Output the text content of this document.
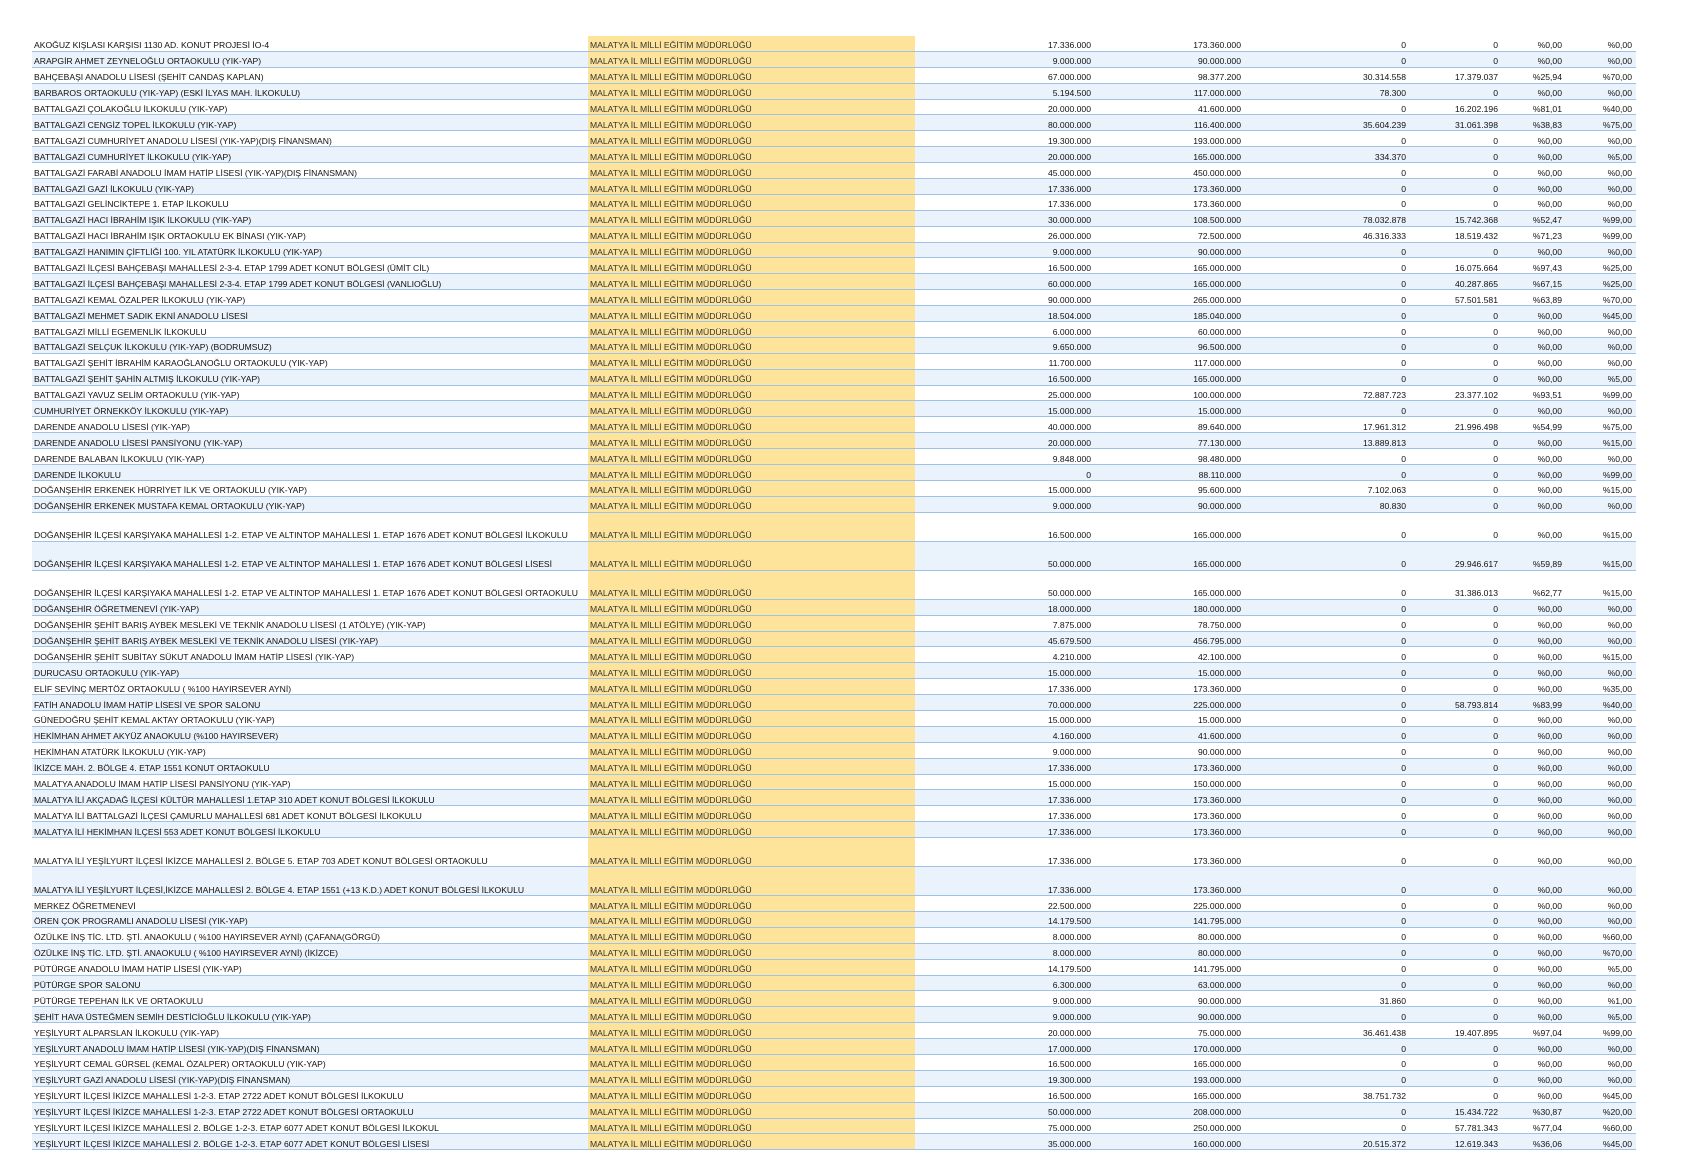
AKOĞUZ KIŞLASI KARŞISI 1130 AD. KONUT PROJESİ İO-4	MALATYA İL MİLLİ EĞİTİM MÜDÜRLÜĞÜ	17.336.000	173.360.000	0	0	%0,00	%0,00
ARAPGİR AHMET ZEYNELOĞLU ORTAOKULU (YIK-YAP)	MALATYA İL MİLLİ EĞİTİM MÜDÜRLÜĞÜ	9.000.000	90.000.000	0	0	%0,00	%0,00
BAHÇEBAŞI ANADOLU LİSESİ (ŞEHİT CANDAŞ KAPLAN)	MALATYA İL MİLLİ EĞİTİM MÜDÜRLÜĞÜ	67.000.000	98.377.200	30.314.558	17.379.037	%25,94	%70,00
BARBAROS ORTAOKULU (YIK-YAP) (ESKİ İLYAS MAH. İLKOKULU)	MALATYA İL MİLLİ EĞİTİM MÜDÜRLÜĞÜ	5.194.500	117.000.000	78.300	0	%0,00	%0,00
BATTALGAZİ ÇOLAKOĞLU İLKOKULU (YIK-YAP)	MALATYA İL MİLLİ EĞİTİM MÜDÜRLÜĞÜ	20.000.000	41.600.000	0	16.202.196	%81,01	%40,00
BATTALGAZİ CENGİZ TOPEL İLKOKULU (YIK-YAP)	MALATYA İL MİLLİ EĞİTİM MÜDÜRLÜĞÜ	80.000.000	116.400.000	35.604.239	31.061.398	%38,83	%75,00
BATTALGAZİ CUMHURİYET ANADOLU LİSESİ (YIK-YAP)(DIŞ FİNANSMAN)	MALATYA İL MİLLİ EĞİTİM MÜDÜRLÜĞÜ	19.300.000	193.000.000	0	0	%0,00	%0,00
BATTALGAZİ CUMHURİYET İLKOKULU (YIK-YAP)	MALATYA İL MİLLİ EĞİTİM MÜDÜRLÜĞÜ	20.000.000	165.000.000	334.370	0	%0,00	%5,00
BATTALGAZİ FARABİ ANADOLU İMAM HATİP LİSESİ (YIK-YAP)(DIŞ FİNANSMAN)	MALATYA İL MİLLİ EĞİTİM MÜDÜRLÜĞÜ	45.000.000	450.000.000	0	0	%0,00	%0,00
BATTALGAZİ GAZİ İLKOKULU (YIK-YAP)	MALATYA İL MİLLİ EĞİTİM MÜDÜRLÜĞÜ	17.336.000	173.360.000	0	0	%0,00	%0,00
BATTALGAZİ GELİNCİKTEPE 1. ETAP İLKOKULU	MALATYA İL MİLLİ EĞİTİM MÜDÜRLÜĞÜ	17.336.000	173.360.000	0	0	%0,00	%0,00
BATTALGAZİ HACI İBRAHİM IŞIK İLKOKULU (YIK-YAP)	MALATYA İL MİLLİ EĞİTİM MÜDÜRLÜĞÜ	30.000.000	108.500.000	78.032.878	15.742.368	%52,47	%99,00
BATTALGAZİ HACI İBRAHİM IŞIK ORTAOKULU EK BİNASI (YIK-YAP)	MALATYA İL MİLLİ EĞİTİM MÜDÜRLÜĞÜ	26.000.000	72.500.000	46.316.333	18.519.432	%71,23	%99,00
BATTALGAZİ HANIMIN ÇİFTLİĞİ 100. YIL ATATÜRK İLKOKULU (YIK-YAP)	MALATYA İL MİLLİ EĞİTİM MÜDÜRLÜĞÜ	9.000.000	90.000.000	0	0	%0,00	%0,00
BATTALGAZİ İLÇESİ BAHÇEBAŞI MAHALLESİ 2-3-4. ETAP 1799 ADET KONUT BÖLGESİ (ÜMİT CİL)	MALATYA İL MİLLİ EĞİTİM MÜDÜRLÜĞÜ	16.500.000	165.000.000	0	16.075.664	%97,43	%25,00
BATTALGAZİ İLÇESİ BAHÇEBAŞI MAHALLESİ 2-3-4. ETAP 1799 ADET KONUT BÖLGESİ (VANLIOĞLU)	MALATYA İL MİLLİ EĞİTİM MÜDÜRLÜĞÜ	60.000.000	165.000.000	0	40.287.865	%67,15	%25,00
BATTALGAZİ KEMAL ÖZALPER İLKOKULU (YIK-YAP)	MALATYA İL MİLLİ EĞİTİM MÜDÜRLÜĞÜ	90.000.000	265.000.000	0	57.501.581	%63,89	%70,00
BATTALGAZİ MEHMET SADIK EKNİ ANADOLU LİSESİ	MALATYA İL MİLLİ EĞİTİM MÜDÜRLÜĞÜ	18.504.000	185.040.000	0	0	%0,00	%45,00
BATTALGAZİ MİLLİ EGEMENLİK İLKOKULU	MALATYA İL MİLLİ EĞİTİM MÜDÜRLÜĞÜ	6.000.000	60.000.000	0	0	%0,00	%0,00
BATTALGAZİ SELÇUK İLKOKULU (YIK-YAP) (BODRUMSUZ)	MALATYA İL MİLLİ EĞİTİM MÜDÜRLÜĞÜ	9.650.000	96.500.000	0	0	%0,00	%0,00
BATTALGAZİ ŞEHİT İBRAHİM KARAOĞLANOĞLU ORTAOKULU (YIK-YAP)	MALATYA İL MİLLİ EĞİTİM MÜDÜRLÜĞÜ	11.700.000	117.000.000	0	0	%0,00	%0,00
BATTALGAZİ ŞEHİT ŞAHİN ALTMIŞ İLKOKULU (YIK-YAP)	MALATYA İL MİLLİ EĞİTİM MÜDÜRLÜĞÜ	16.500.000	165.000.000	0	0	%0,00	%5,00
BATTALGAZİ YAVUZ SELİM ORTAOKULU (YIK-YAP)	MALATYA İL MİLLİ EĞİTİM MÜDÜRLÜĞÜ	25.000.000	100.000.000	72.887.723	23.377.102	%93,51	%99,00
CUMHURİYET ÖRNEKKÖY İLKOKULU (YIK-YAP)	MALATYA İL MİLLİ EĞİTİM MÜDÜRLÜĞÜ	15.000.000	15.000.000	0	0	%0,00	%0,00
DARENDE ANADOLU LİSESİ (YIK-YAP)	MALATYA İL MİLLİ EĞİTİM MÜDÜRLÜĞÜ	40.000.000	89.640.000	17.961.312	21.996.498	%54,99	%75,00
DARENDE ANADOLU LİSESİ PANSİYONU (YIK-YAP)	MALATYA İL MİLLİ EĞİTİM MÜDÜRLÜĞÜ	20.000.000	77.130.000	13.889.813	0	%0,00	%15,00
DARENDE BALABAN İLKOKULU (YIK-YAP)	MALATYA İL MİLLİ EĞİTİM MÜDÜRLÜĞÜ	9.848.000	98.480.000	0	0	%0,00	%0,00
DARENDE İLKOKULU	MALATYA İL MİLLİ EĞİTİM MÜDÜRLÜĞÜ	0	88.110.000	0	0	%0,00	%99,00
DOĞANŞEHİR ERKENEK HÜRRİYET İLK VE ORTAOKULU (YIK-YAP)	MALATYA İL MİLLİ EĞİTİM MÜDÜRLÜĞÜ	15.000.000	95.600.000	7.102.063	0	%0,00	%15,00
DOĞANŞEHİR ERKENEK MUSTAFA KEMAL ORTAOKULU (YIK-YAP)	MALATYA İL MİLLİ EĞİTİM MÜDÜRLÜĞÜ	9.000.000	90.000.000	80.830	0	%0,00	%0,00
DOĞANŞEHİR İLÇESİ KARŞIYAKA MAHALLESİ 1-2. ETAP VE ALTINTOP MAHALLESİ 1. ETAP 1676 ADET KONUT BÖLGESİ İLKOKULU	MALATYA İL MİLLİ EĞİTİM MÜDÜRLÜĞÜ	16.500.000	165.000.000	0	0	%0,00	%15,00
DOĞANŞEHİR İLÇESİ KARŞIYAKA MAHALLESİ 1-2. ETAP VE ALTINTOP MAHALLESİ 1. ETAP 1676 ADET KONUT BÖLGESİ LİSESİ	MALATYA İL MİLLİ EĞİTİM MÜDÜRLÜĞÜ	50.000.000	165.000.000	0	29.946.617	%59,89	%15,00
DOĞANŞEHİR İLÇESİ KARŞIYAKA MAHALLESİ 1-2. ETAP VE ALTINTOP MAHALLESİ 1. ETAP 1676 ADET KONUT BÖLGESİ ORTAOKULU	MALATYA İL MİLLİ EĞİTİM MÜDÜRLÜĞÜ	50.000.000	165.000.000	0	31.386.013	%62,77	%15,00
DOĞANŞEHİR ÖĞRETMENEVİ (YIK-YAP)	MALATYA İL MİLLİ EĞİTİM MÜDÜRLÜĞÜ	18.000.000	180.000.000	0	0	%0,00	%0,00
DOĞANŞEHİR ŞEHİT BARIŞ AYBEK MESLEKİ VE TEKNİK ANADOLU LİSESİ (1 ATÖLYE) (YIK-YAP)	MALATYA İL MİLLİ EĞİTİM MÜDÜRLÜĞÜ	7.875.000	78.750.000	0	0	%0,00	%0,00
DOĞANŞEHİR ŞEHİT BARIŞ AYBEK MESLEKİ VE TEKNİK ANADOLU LİSESİ (YIK-YAP)	MALATYA İL MİLLİ EĞİTİM MÜDÜRLÜĞÜ	45.679.500	456.795.000	0	0	%0,00	%0,00
DOĞANŞEHİR ŞEHİT SUBİTAY SÜKUT ANADOLU İMAM HATİP LİSESİ (YIK-YAP)	MALATYA İL MİLLİ EĞİTİM MÜDÜRLÜĞÜ	4.210.000	42.100.000	0	0	%0,00	%15,00
DURUCASU ORTAOKULU (YIK-YAP)	MALATYA İL MİLLİ EĞİTİM MÜDÜRLÜĞÜ	15.000.000	15.000.000	0	0	%0,00	%0,00
ELİF SEVİNÇ MERTÖZ ORTAOKULU ( %100 HAYIRSEVER AYNİ)	MALATYA İL MİLLİ EĞİTİM MÜDÜRLÜĞÜ	17.336.000	173.360.000	0	0	%0,00	%35,00
FATİH ANADOLU İMAM HATİP LİSESİ VE SPOR SALONU	MALATYA İL MİLLİ EĞİTİM MÜDÜRLÜĞÜ	70.000.000	225.000.000	0	58.793.814	%83,99	%40,00
GÜNEDOĞRU ŞEHİT KEMAL AKTAY ORTAOKULU (YIK-YAP)	MALATYA İL MİLLİ EĞİTİM MÜDÜRLÜĞÜ	15.000.000	15.000.000	0	0	%0,00	%0,00
HEKİMHAN AHMET AKYÜZ ANAOKULU (%100 HAYIRSEVER)	MALATYA İL MİLLİ EĞİTİM MÜDÜRLÜĞÜ	4.160.000	41.600.000	0	0	%0,00	%0,00
HEKİMHAN ATATÜRK İLKOKULU (YIK-YAP)	MALATYA İL MİLLİ EĞİTİM MÜDÜRLÜĞÜ	9.000.000	90.000.000	0	0	%0,00	%0,00
İKİZCE MAH. 2. BÖLGE 4. ETAP 1551 KONUT ORTAOKULU	MALATYA İL MİLLİ EĞİTİM MÜDÜRLÜĞÜ	17.336.000	173.360.000	0	0	%0,00	%0,00
MALATYA ANADOLU İMAM HATİP LİSESİ PANSİYONU (YIK-YAP)	MALATYA İL MİLLİ EĞİTİM MÜDÜRLÜĞÜ	15.000.000	150.000.000	0	0	%0,00	%0,00
MALATYA İLİ AKÇADAĞ İLÇESİ KÜLTÜR MAHALLESİ 1.ETAP 310 ADET KONUT BÖLGESİ İLKOKULU	MALATYA İL MİLLİ EĞİTİM MÜDÜRLÜĞÜ	17.336.000	173.360.000	0	0	%0,00	%0,00
MALATYA İLİ BATTALGAZİ İLÇESİ ÇAMURLU MAHALLESİ 681 ADET KONUT BÖLGESİ İLKOKULU	MALATYA İL MİLLİ EĞİTİM MÜDÜRLÜĞÜ	17.336.000	173.360.000	0	0	%0,00	%0,00
MALATYA İLİ HEKİMHAN İLÇESİ 553 ADET KONUT BÖLGESİ İLKOKULU	MALATYA İL MİLLİ EĞİTİM MÜDÜRLÜĞÜ	17.336.000	173.360.000	0	0	%0,00	%0,00
MALATYA İLİ YEŞİLYURT İLÇESİ İKİZCE MAHALLESİ 2. BÖLGE 5. ETAP 703 ADET KONUT BÖLGESİ ORTAOKULU	MALATYA İL MİLLİ EĞİTİM MÜDÜRLÜĞÜ	17.336.000	173.360.000	0	0	%0,00	%0,00
MALATYA İLİ YEŞİLYURT İLÇESİ,İKİZCE MAHALLESİ 2. BÖLGE 4. ETAP 1551 (+13 K.D.) ADET KONUT BÖLGESİ İLKOKULU	MALATYA İL MİLLİ EĞİTİM MÜDÜRLÜĞÜ	17.336.000	173.360.000	0	0	%0,00	%0,00
MERKEZ ÖĞRETMENEVİ	MALATYA İL MİLLİ EĞİTİM MÜDÜRLÜĞÜ	22.500.000	225.000.000	0	0	%0,00	%0,00
ÖREN ÇOK PROGRAMLI ANADOLU LİSESİ (YIK-YAP)	MALATYA İL MİLLİ EĞİTİM MÜDÜRLÜĞÜ	14.179.500	141.795.000	0	0	%0,00	%0,00
ÖZÜLKE İNŞ TİC. LTD. ŞTİ. ANAOKULU ( %100 HAYIRSEVER AYNİ) (ÇAFANA(GÖRGÜ)	MALATYA İL MİLLİ EĞİTİM MÜDÜRLÜĞÜ	8.000.000	80.000.000	0	0	%0,00	%60,00
ÖZÜLKE İNŞ TİC. LTD. ŞTİ. ANAOKULU ( %100 HAYIRSEVER AYNİ) (İKİZCE)	MALATYA İL MİLLİ EĞİTİM MÜDÜRLÜĞÜ	8.000.000	80.000.000	0	0	%0,00	%70,00
PÜTÜRGE ANADOLU İMAM HATİP LİSESİ (YIK-YAP)	MALATYA İL MİLLİ EĞİTİM MÜDÜRLÜĞÜ	14.179.500	141.795.000	0	0	%0,00	%5,00
PÜTÜRGE SPOR SALONU	MALATYA İL MİLLİ EĞİTİM MÜDÜRLÜĞÜ	6.300.000	63.000.000	0	0	%0,00	%0,00
PÜTÜRGE TEPEHAN İLK VE ORTAOKULU	MALATYA İL MİLLİ EĞİTİM MÜDÜRLÜĞÜ	9.000.000	90.000.000	31.860	0	%0,00	%1,00
ŞEHİT HAVA ÜSTEĞMEN SEMİH DESTİCİOĞLU İLKOKULU (YIK-YAP)	MALATYA İL MİLLİ EĞİTİM MÜDÜRLÜĞÜ	9.000.000	90.000.000	0	0	%0,00	%5,00
YEŞİLYURT ALPARSLAN İLKOKULU (YIK-YAP)	MALATYA İL MİLLİ EĞİTİM MÜDÜRLÜĞÜ	20.000.000	75.000.000	36.461.438	19.407.895	%97,04	%99,00
YEŞİLYURT ANADOLU İMAM HATİP LİSESİ (YIK-YAP)(DIŞ FİNANSMAN)	MALATYA İL MİLLİ EĞİTİM MÜDÜRLÜĞÜ	17.000.000	170.000.000	0	0	%0,00	%0,00
YEŞİLYURT CEMAL GÜRSEL (KEMAL ÖZALPER) ORTAOKULU (YIK-YAP)	MALATYA İL MİLLİ EĞİTİM MÜDÜRLÜĞÜ	16.500.000	165.000.000	0	0	%0,00	%0,00
YEŞİLYURT GAZİ ANADOLU LİSESİ (YIK-YAP)(DIŞ FİNANSMAN)	MALATYA İL MİLLİ EĞİTİM MÜDÜRLÜĞÜ	19.300.000	193.000.000	0	0	%0,00	%0,00
YEŞİLYURT İLÇESİ İKİZCE MAHALLESİ 1-2-3. ETAP 2722 ADET KONUT BÖLGESİ İLKOKULU	MALATYA İL MİLLİ EĞİTİM MÜDÜRLÜĞÜ	16.500.000	165.000.000	38.751.732	0	%0,00	%45,00
YEŞİLYURT İLÇESİ İKİZCE MAHALLESİ 1-2-3. ETAP 2722 ADET KONUT BÖLGESİ ORTAOKULU	MALATYA İL MİLLİ EĞİTİM MÜDÜRLÜĞÜ	50.000.000	208.000.000	0	15.434.722	%30,87	%20,00
YEŞİLYURT İLÇESİ İKİZCE MAHALLESİ 2. BÖLGE 1-2-3. ETAP 6077 ADET KONUT BÖLGESİ İLKOKUL	MALATYA İL MİLLİ EĞİTİM MÜDÜRLÜĞÜ	75.000.000	250.000.000	0	57.781.343	%77,04	%60,00
YEŞİLYURT İLÇESİ İKİZCE MAHALLESİ 2. BÖLGE 1-2-3. ETAP 6077 ADET KONUT BÖLGESİ LİSESİ	MALATYA İL MİLLİ EĞİTİM MÜDÜRLÜĞÜ	35.000.000	160.000.000	20.515.372	12.619.343	%36,06	%45,00
